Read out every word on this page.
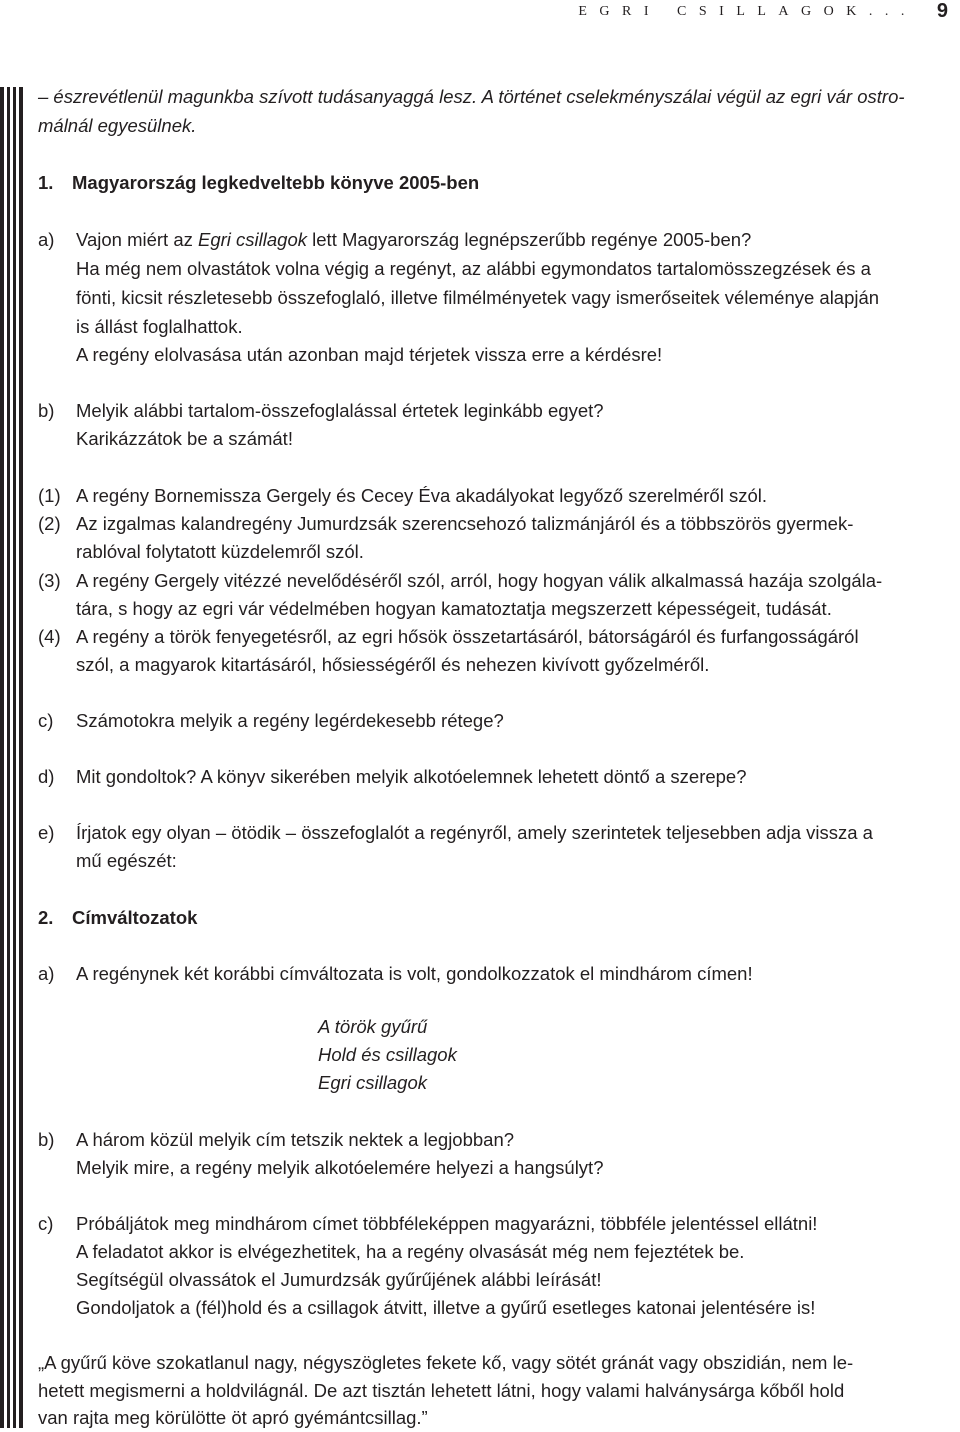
EGRI CSILLAGOK... 9
– észrevétlenül magunkba szívott tudásanyaggá lesz. A történet cselekményszálai végül az egri vár ostro-
málnál egyesülnek.
1. Magyarország legkedveltebb könyve 2005-ben
a) Vajon miért az Egri csillagok lett Magyarország legnépszerűbb regénye 2005-ben?
Ha még nem olvastátok volna végig a regényt, az alábbi egymondatos tartalomösszegzések és a
fönti, kicsit részletesebb összefoglaló, illetve filmélményetek vagy ismerőseitek véleménye alapján
is állást foglalhattok.
A regény elolvasása után azonban majd térjetek vissza erre a kérdésre!
b) Melyik alábbi tartalom-összefoglalással értetek leginkább egyet?
Karikázzátok be a számát!
(1) A regény Bornemissza Gergely és Cecey Éva akadályokat legyőző szerelméről szól.
(2) Az izgalmas kalandregény Jumurdzsák szerencsehozó talizmánjáról és a többszörös gyermek-
rablóval folytatott küzdelemről szól.
(3) A regény Gergely vitézzé nevelődéséről szól, arról, hogy hogyan válik alkalmassá hazája szolgála-
tára, s hogy az egri vár védelmében hogyan kamatoztatja megszerzett képességeit, tudását.
(4) A regény a török fenyegetésről, az egri hősök összetartásáról, bátorságáról és furfangosságáról
szól, a magyarok kitartásáról, hősiességéről és nehezen kivívott győzelméről.
c) Számotokra melyik a regény legérdekesebb rétege?
d) Mit gondoltok? A könyv sikerében melyik alkotóelemnek lehetett döntő a szerepe?
e) Írjatok egy olyan – ötödik – összefoglalót a regényről, amely szerintetek teljesebben adja vissza a
mű egészét:
2. Címváltozatok
a) A regénynek két korábbi címváltozata is volt, gondolkozzatok el mindhárom címen!
A török gyűrű
Hold és csillagok
Egri csillagok
b) A három közül melyik cím tetszik nektek a legjobban?
Melyik mire, a regény melyik alkotóelemére helyezi a hangsúlyt?
c) Próbáljátok meg mindhárom címet többféleképpen magyarázni, többféle jelentéssel ellátni!
A feladatot akkor is elvégezhetitek, ha a regény olvasását még nem fejeztétek be.
Segítségül olvassátok el Jumurdzsák gyűrűjének alábbi leírását!
Gondoljatok a (fél)hold és a csillagok átvitt, illetve a gyűrű esetleges katonai jelentésére is!
„A gyűrű köve szokatlanul nagy, négyszögletes fekete kő, vagy sötét gránát vagy obszidián, nem le-
hetett megismerni a holdvilágnál. De azt tisztán lehetett látni, hogy valami halványsárga kőből hold
van rajta meg körülötte öt apró gyémántcsillag.”
